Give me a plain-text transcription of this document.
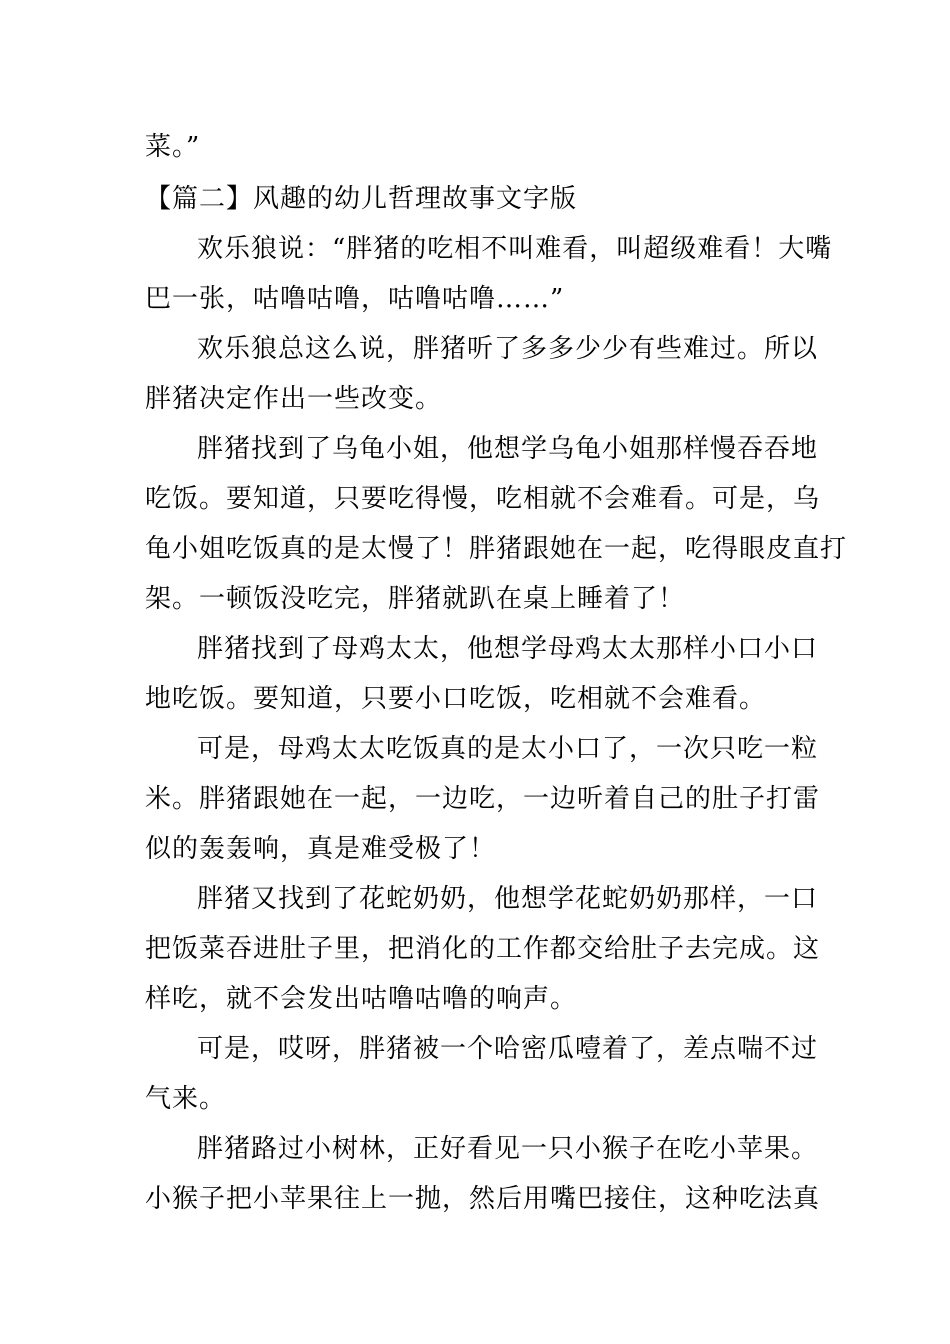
菜。”
【篇二】风趣的幼儿哲理故事文字版
欢乐狼说：“胖猪的吃相不叫难看，叫超级难看！大嘴
巴一张，咕噜咕噜，咕噜咕噜……”
欢乐狼总这么说，胖猪听了多多少少有些难过。所以
胖猪决定作出一些改变。
胖猪找到了乌龟小姐，他想学乌龟小姐那样慢吞吞地
吃饭。要知道，只要吃得慢，吃相就不会难看。可是，乌
龟小姐吃饭真的是太慢了！胖猪跟她在一起，吃得眼皮直打
架。一顿饭没吃完，胖猪就趴在桌上睡着了！
胖猪找到了母鸡太太，他想学母鸡太太那样小口小口
地吃饭。要知道，只要小口吃饭，吃相就不会难看。
可是，母鸡太太吃饭真的是太小口了，一次只吃一粒
米。胖猪跟她在一起，一边吃，一边听着自己的肚子打雷
似的轰轰响，真是难受极了！
胖猪又找到了花蛇奶奶，他想学花蛇奶奶那样，一口
把饭菜吞进肚子里，把消化的工作都交给肚子去完成。这
样吃，就不会发出咕噜咕噜的响声。
可是，哎呀，胖猪被一个哈密瓜噎着了，差点喘不过
气来。
胖猪路过小树林，正好看见一只小猴子在吃小苹果。
小猴子把小苹果往上一抛，然后用嘴巴接住，这种吃法真
